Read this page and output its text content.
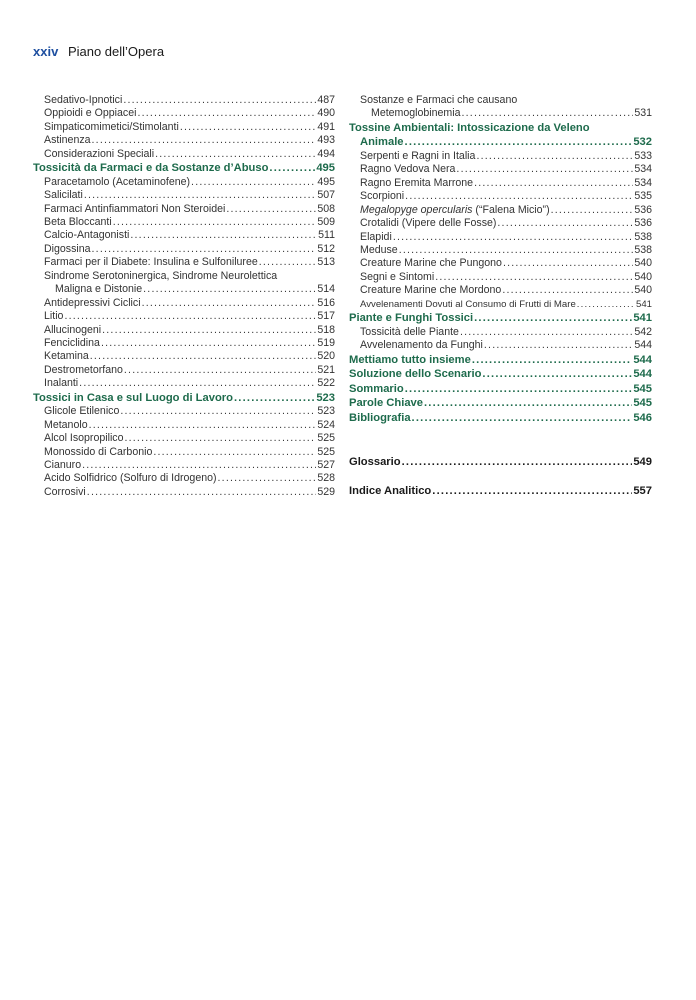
xxiv Piano dell’Opera
Sedativo-Ipnotici .....	487
Oppioidi e Oppiacei .....	490
Simpaticomimetici/Stimolanti .....	491
Astinenza .....	493
Considerazioni Speciali .....	494
Tossicità da Farmaci e da Sostanze d’Abuso .....	495
Paracetamolo (Acetaminofene) .....	495
Salicilati .....	507
Farmaci Antinfiammatori Non Steroidei .....	508
Beta Bloccanti .....	509
Calcio-Antagonisti .....	511
Digossina .....	512
Farmaci per il Diabete: Insulina e Sulfoniluree .....	513
Sindrome Serotoninergica, Sindrome Neurolettica
Maligna e Distonie .....	514
Antidepressivi Ciclici .....	516
Litio .....	517
Allucinogeni .....	518
Fenciclidina .....	519
Ketamina .....	520
Destrometorfano .....	521
Inalanti .....	522
Tossici in Casa e sul Luogo di Lavoro .....	523
Glicole Etilenico .....	523
Metanolo .....	524
Alcol Isopropilico .....	525
Monossido di Carbonio .....	525
Cianuro .....	527
Acido Solfidrico (Solfuro di Idrogeno) .....	528
Corrosivi .....	529
Sostanze e Farmaci che causano
Metemoglobinemia .....	531
Tossine Ambientali: Intossicazione da Veleno
Animale .....	532
Serpenti e Ragni in Italia .....	533
Ragno Vedova Nera .....	534
Ragno Eremita Marrone .....	534
Scorpioni .....	535
Megalopyge opercularis (“Falena Micio”) .....	536
Crotalidi (Vipere delle Fosse) .....	536
Elapidi .....	538
Meduse .....	538
Creature Marine che Pungono .....	540
Segni e Sintomi .....	540
Creature Marine che Mordono .....	540
Avvelenamenti Dovuti al Consumo di Frutti di Mare .....	541
Piante e Funghi Tossici .....	541
Tossicità delle Piante .....	542
Avvelenamento da Funghi .....	544
Mettiamo tutto insieme .....	544
Soluzione dello Scenario .....	544
Sommario .....	545
Parole Chiave .....	545
Bibliografia .....	546
Glossario .....	549
Indice Analitico .....	557
